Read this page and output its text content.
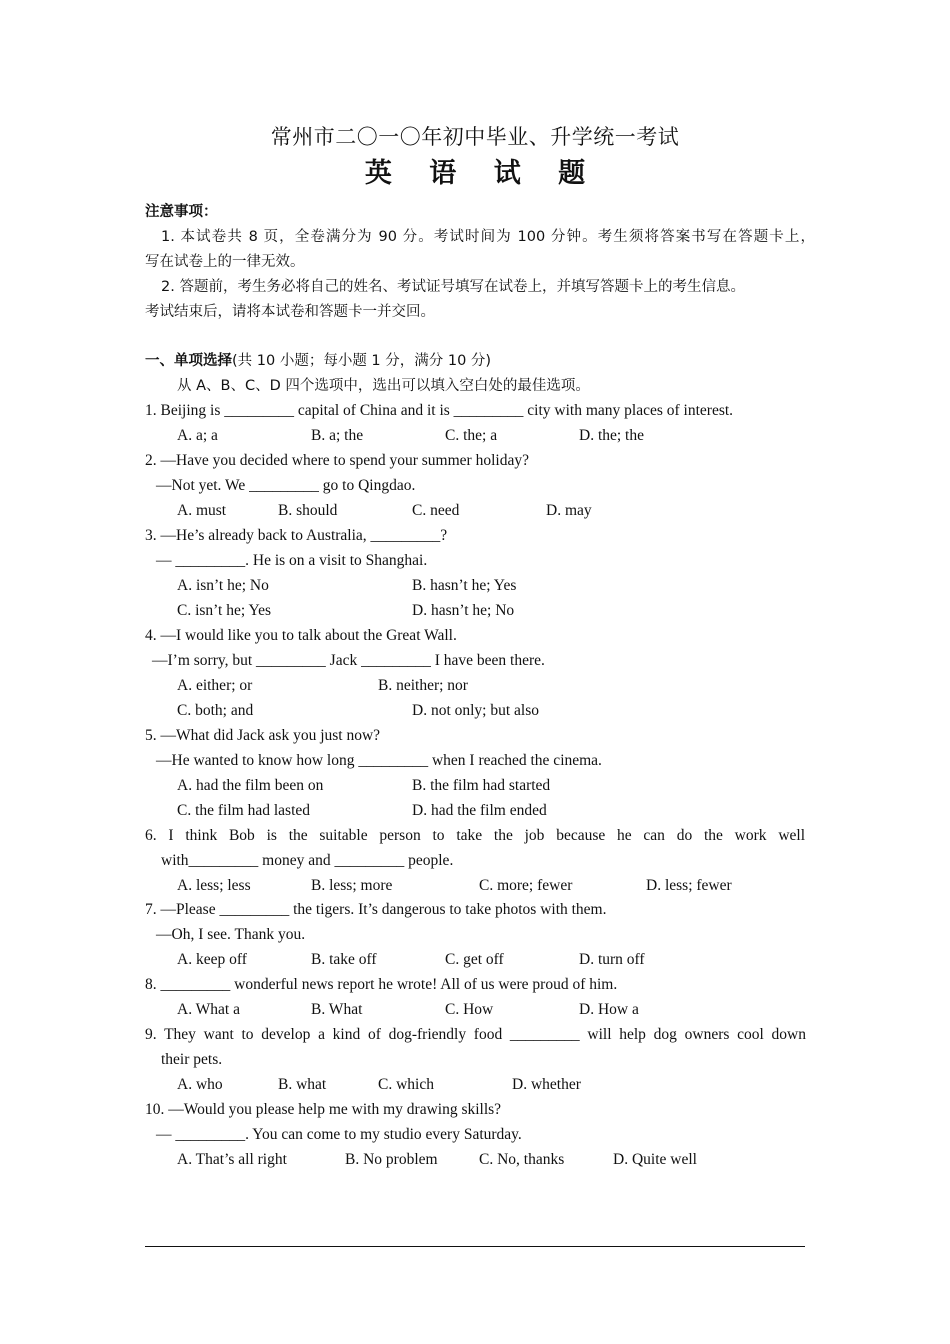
常州市二〇一〇年初中毕业、升学统一考试
英 语 试 题
注意事项：
1. 本试卷共 8 页，全卷满分为 90 分。考试时间为 100 分钟。考生须将答案书写在答题卡上，
写在试卷上的一律无效。
2. 答题前，考生务必将自己的姓名、考试证号填写在试卷上，并填写答题卡上的考生信息。
考试结束后，请将本试卷和答题卡一并交回。
一、单项选择(共 10 小题；每小题 1 分，满分 10 分)
从 A、B、C、D 四个选项中，选出可以填入空白处的最佳选项。
1. Beijing is _________ capital of China and it is _________ city with many places of interest.
A. a; a	B. a; the	C. the; a	D. the; the
2. —Have you decided where to spend your summer holiday?
—Not yet. We _________ go to Qingdao.
A. must	B. should	C. need	D. may
3. —He’s already back to Australia, _________?
— _________. He is on a visit to Shanghai.
A. isn’t he; No	B. hasn’t he; Yes
C. isn’t he; Yes	D. hasn’t he; No
4. —I would like you to talk about the Great Wall.
—I’m sorry, but _________ Jack _________ I have been there.
A. either; or	B. neither; nor
C. both; and	D. not only; but also
5. —What did Jack ask you just now?
—He wanted to know how long _________ when I reached the cinema.
A. had the film been on	B. the film had started
C. the film had lasted	D. had the film ended
6. I think Bob is the suitable person to take the job because he can do the work well
with_________ money and _________ people.
A. less; less	B. less; more	C. more; fewer	D. less; fewer
7. —Please _________ the tigers. It’s dangerous to take photos with them.
—Oh, I see. Thank you.
A. keep off	B. take off	C. get off	D. turn off
8. _________ wonderful news report he wrote! All of us were proud of him.
A. What a	B. What	C. How	D. How a
9. They want to develop a kind of dog-friendly food _________ will help dog owners cool down
their pets.
A. who	B. what	C. which	D. whether
10. —Would you please help me with my drawing skills?
— _________. You can come to my studio every Saturday.
A. That’s all right	B. No problem	C. No, thanks	D. Quite well
